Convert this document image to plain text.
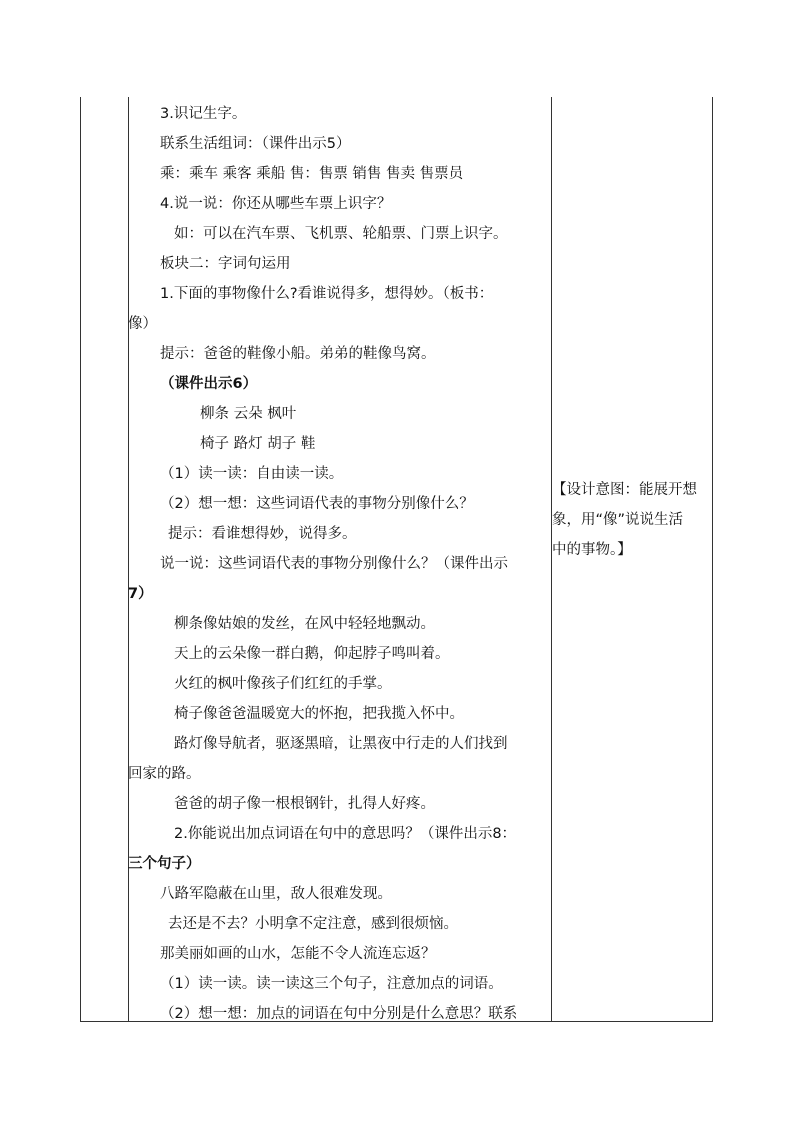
3.识记生字。
联系生活组词：（课件出示5）
乘：乘车 乘客 乘船 售：售票 销售 售卖 售票员
4.说一说：你还从哪些车票上识字？
如：可以在汽车票、飞机票、轮船票、门票上识字。
板块二：字词句运用
1.下面的事物像什么?看谁说得多，想得妙。（板书：
像）
提示：爸爸的鞋像小船。弟弟的鞋像鸟窝。
（课件出示6）
柳条 云朵 枫叶
椅子 路灯 胡子 鞋
（1）读一读：自由读一读。
（2）想一想：这些词语代表的事物分别像什么？
提示：看谁想得妙，说得多。
说一说：这些词语代表的事物分别像什么？（课件出示
7）
柳条像姑娘的发丝，在风中轻轻地飘动。
天上的云朵像一群白鹅，仰起脖子鸣叫着。
火红的枫叶像孩子们红红的手掌。
椅子像爸爸温暖宽大的怀抱，把我揽入怀中。
路灯像导航者，驱逐黑暗，让黑夜中行走的人们找到
回家的路。
爸爸的胡子像一根根钢针，扎得人好疼。
2.你能说出加点词语在句中的意思吗？（课件出示8：
三个句子）
八路军隐蔽在山里，敌人很难发现。
去还是不去？小明拿不定注意，感到很烦恼。
那美丽如画的山水，怎能不令人流连忘返？
（1）读一读。读一读这三个句子，注意加点的词语。
（2）想一想：加点的词语在句中分别是什么意思？联系
【设计意图：能展开想
象，用“像”说说生活
中的事物。】
